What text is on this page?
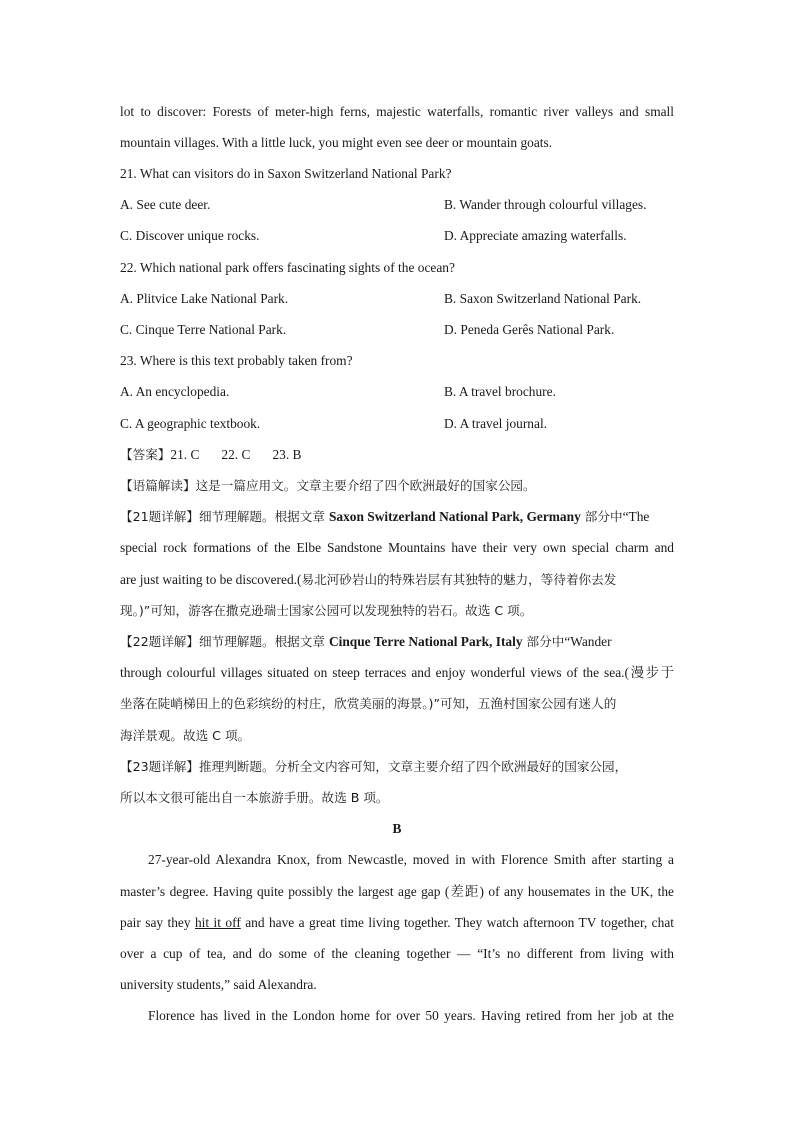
lot to discover: Forests of meter-high ferns, majestic waterfalls, romantic river valleys and small
mountain villages. With a little luck, you might even see deer or mountain goats.
21. What can visitors do in Saxon Switzerland National Park?
A. See cute deer.	B. Wander through colourful villages.
C. Discover unique rocks.	D. Appreciate amazing waterfalls.
22. Which national park offers fascinating sights of the ocean?
A. Plitvice Lake National Park.	B. Saxon Switzerland National Park.
C. Cinque Terre National Park.	D. Peneda Gerês National Park.
23. Where is this text probably taken from?
A. An encyclopedia.	B. A travel brochure.
C. A geographic textbook.	D. A travel journal.
【答案】21. C 22. C 23. B
【语篇解读】这是一篇应用文。文章主要介绍了四个欧洲最好的国家公园。
【21题详解】细节理解题。根据文章 Saxon Switzerland National Park, Germany 部分中“The
special rock formations of the Elbe Sandstone Mountains have their very own special charm and
are just waiting to be discovered.(易北河砂岩山的特殊岩层有其独特的魅力，等待着你去发
现。)”可知，游客在撒克逊瑞士国家公园可以发现独特的岩石。故选 C 项。
【22题详解】细节理解题。根据文章 Cinque Terre National Park, Italy 部分中“Wander
through colourful villages situated on steep terraces and enjoy wonderful views of the sea.(漫步于
坐落在陡峭梯田上的色彩缤纷的村庄，欣赏美丽的海景。)”可知，五渔村国家公园有迷人的
海洋景观。故选 C 项。
【23题详解】推理判断题。分析全文内容可知，文章主要介绍了四个欧洲最好的国家公园，
所以本文很可能出自一本旅游手册。故选 B 项。
B
27-year-old Alexandra Knox, from Newcastle, moved in with Florence Smith after starting a
master’s degree. Having quite possibly the largest age gap (差距) of any housemates in the UK, the
pair say they hit it off and have a great time living together. They watch afternoon TV together, chat
over a cup of tea, and do some of the cleaning together — “It’s no different from living with
university students,” said Alexandra.
Florence has lived in the London home for over 50 years. Having retired from her job at the
